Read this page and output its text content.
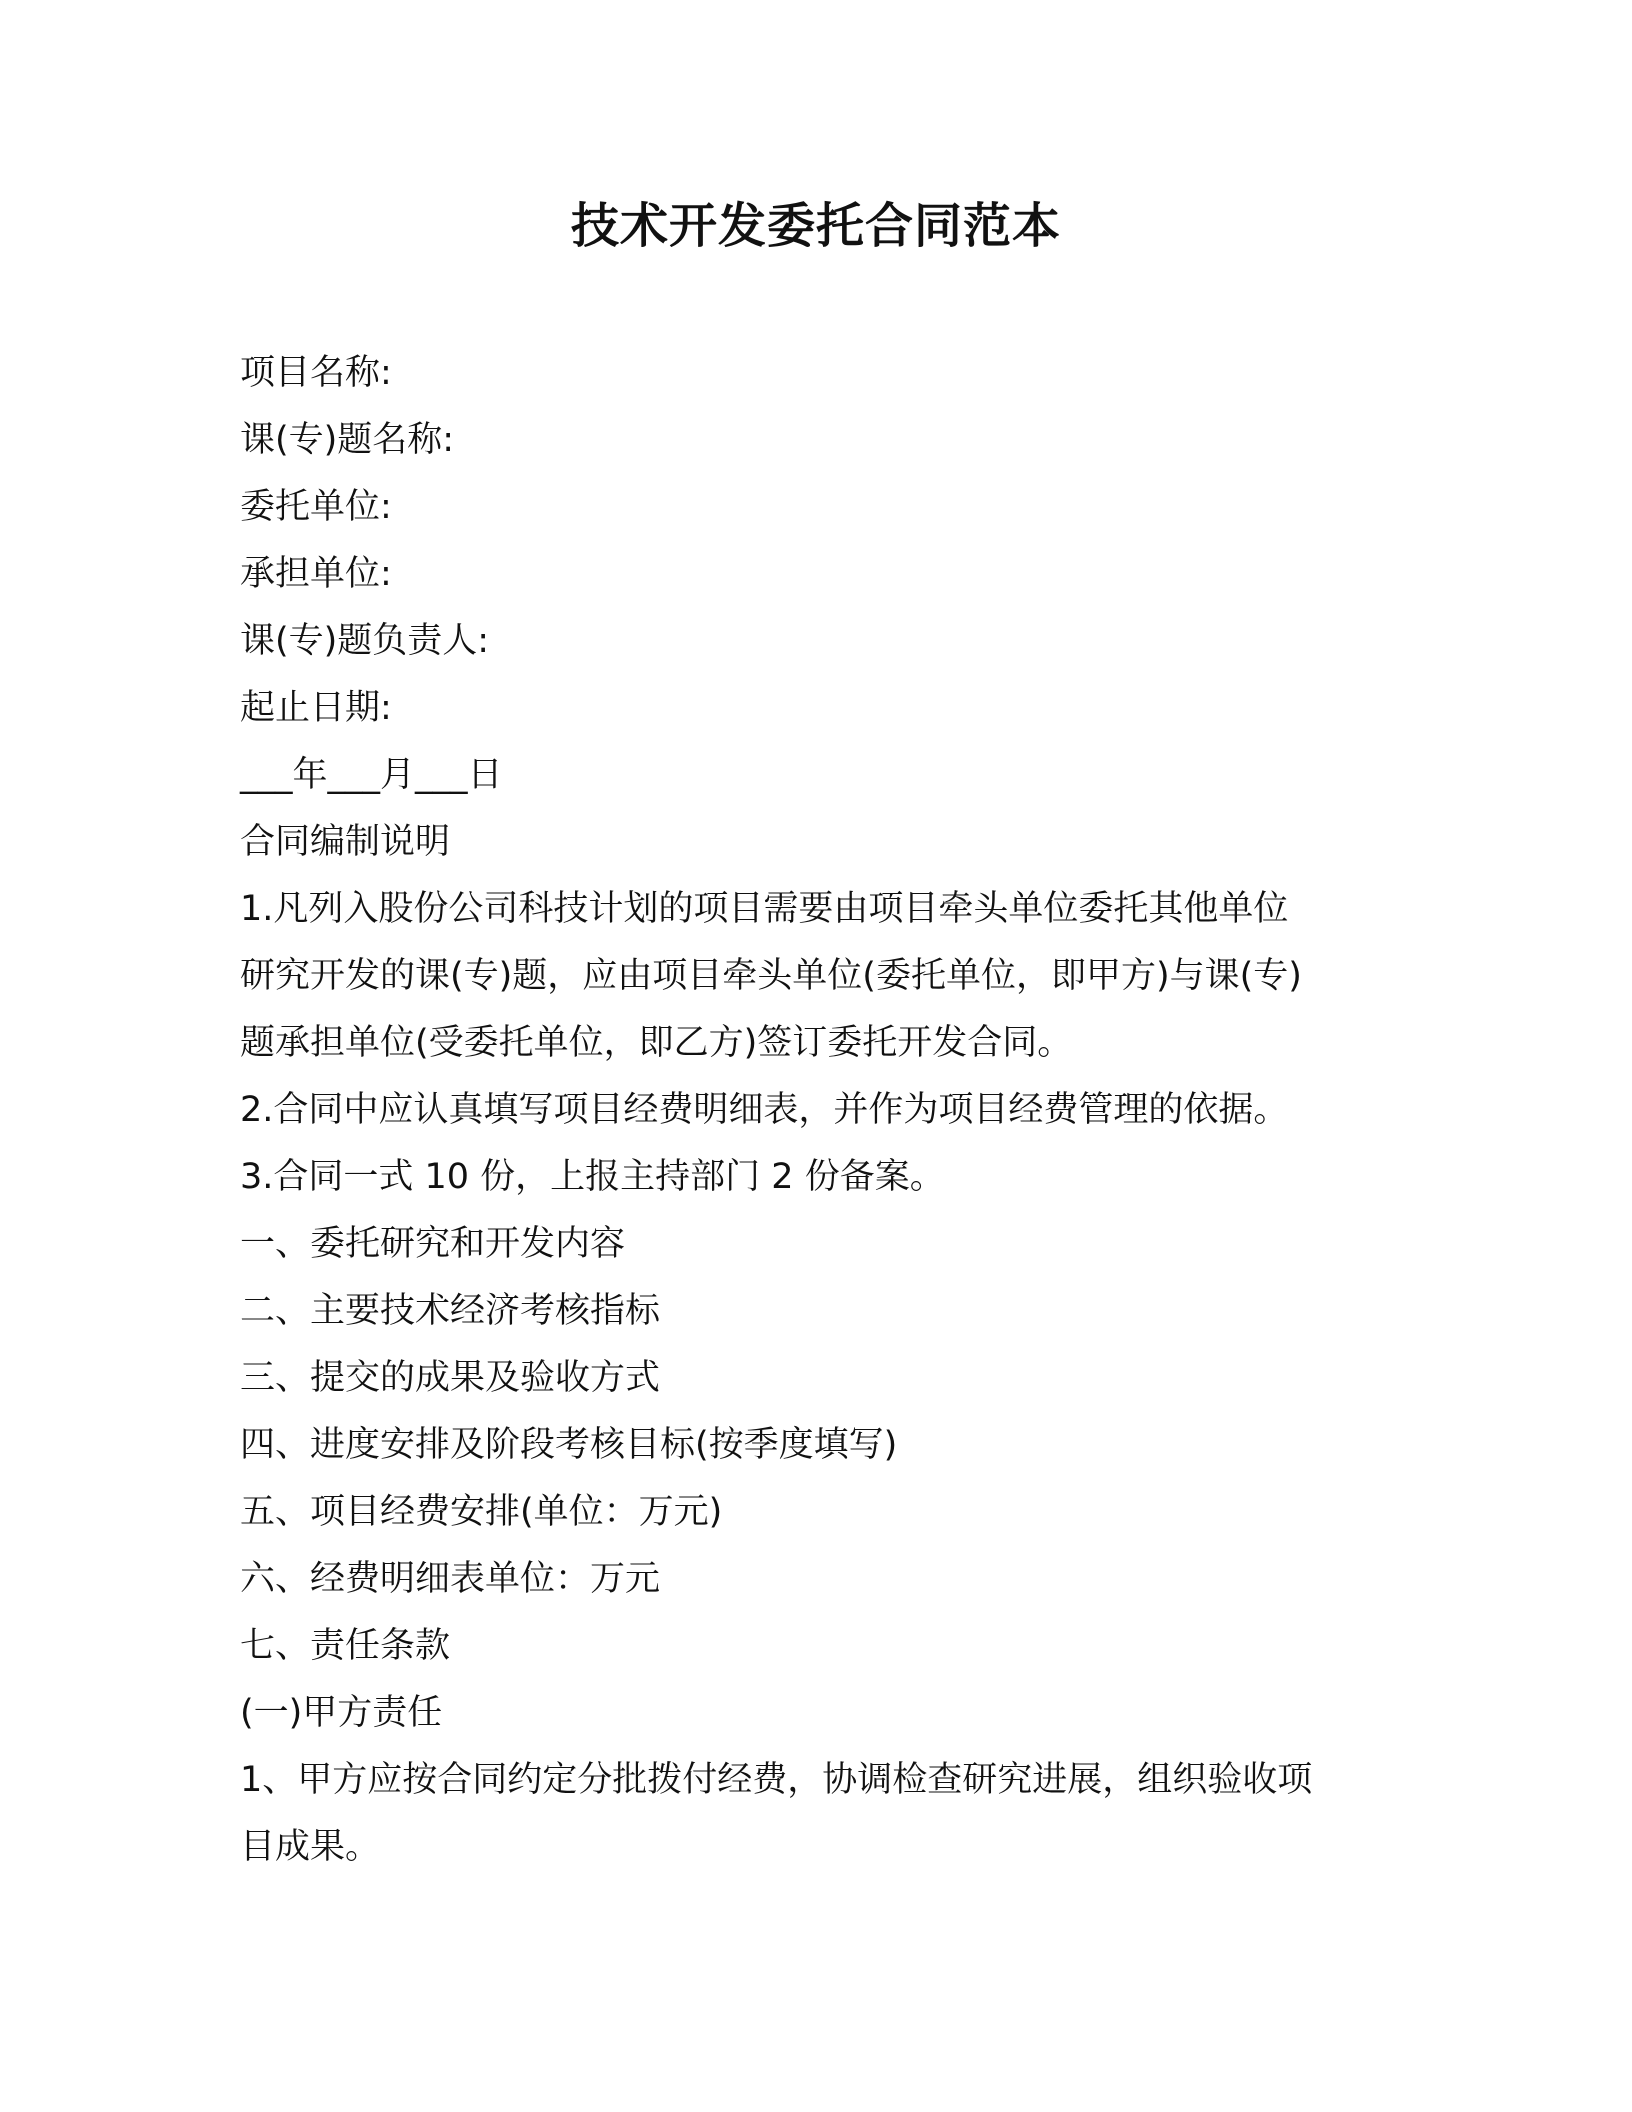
技术开发委托合同范本

项目名称:

课(专)题名称:

委托单位:

承担单位:

课(专)题负责人:

起止日期:

___年___月___日

合同编制说明

1.凡列入股份公司科技计划的项目需要由项目牵头单位委托其他单位

研究开发的课(专)题，应由项目牵头单位(委托单位，即甲方)与课(专)

题承担单位(受委托单位，即乙方)签订委托开发合同。

2.合同中应认真填写项目经费明细表，并作为项目经费管理的依据。

3.合同一式 10 份，上报主持部门 2 份备案。

一、委托研究和开发内容

二、主要技术经济考核指标

三、提交的成果及验收方式

四、进度安排及阶段考核目标(按季度填写)

五、项目经费安排(单位：万元)

六、经费明细表单位：万元

七、责任条款

(一)甲方责任

1、甲方应按合同约定分批拨付经费，协调检查研究进展，组织验收项

目成果。
